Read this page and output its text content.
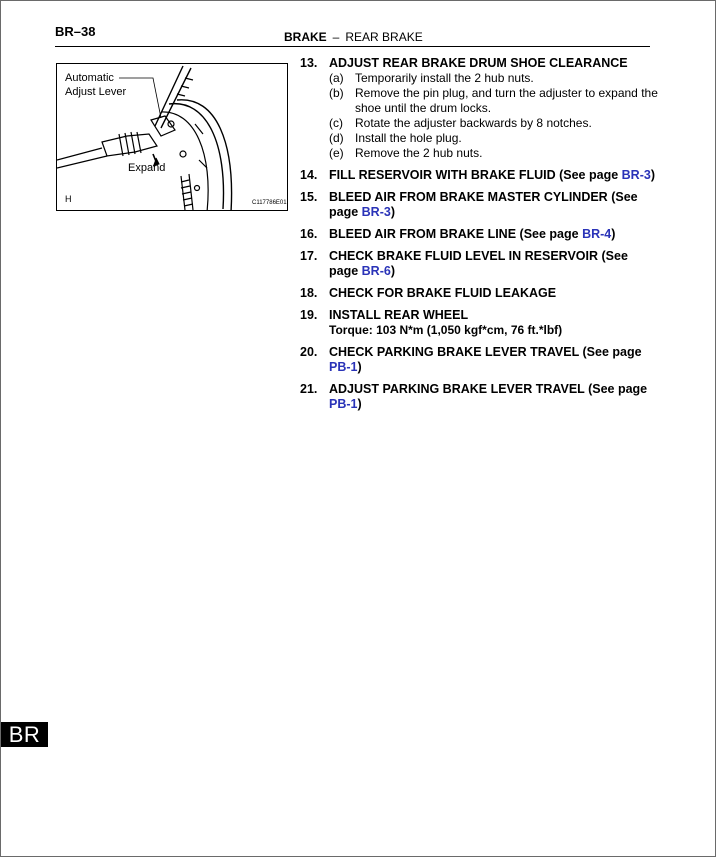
BR–38	BRAKE – REAR BRAKE
Automatic
Adjust Lever
Expand
H	C117786E01
13. ADJUST REAR BRAKE DRUM SHOE CLEARANCE
(a) Temporarily install the 2 hub nuts.
(b) Remove the pin plug, and turn the adjuster to expand the shoe until the drum locks.
(c)	Rotate the adjuster backwards by 8 notches.
(d) Install the hole plug.
(e) Remove the 2 hub nuts.
14. FILL RESERVOIR WITH BRAKE FLUID (See page BR-3)
15. BLEED AIR FROM BRAKE MASTER CYLINDER (See page BR-3)
16. BLEED AIR FROM BRAKE LINE (See page BR-4)
17. CHECK BRAKE FLUID LEVEL IN RESERVOIR (See page BR-6)
18. CHECK FOR BRAKE FLUID LEAKAGE
19. INSTALL REAR WHEEL
Torque: 103 N*m (1,050 kgf*cm, 76 ft.*lbf)
20. CHECK PARKING BRAKE LEVER TRAVEL (See page PB-1)
21. ADJUST PARKING BRAKE LEVER TRAVEL (See page PB-1)
BR
